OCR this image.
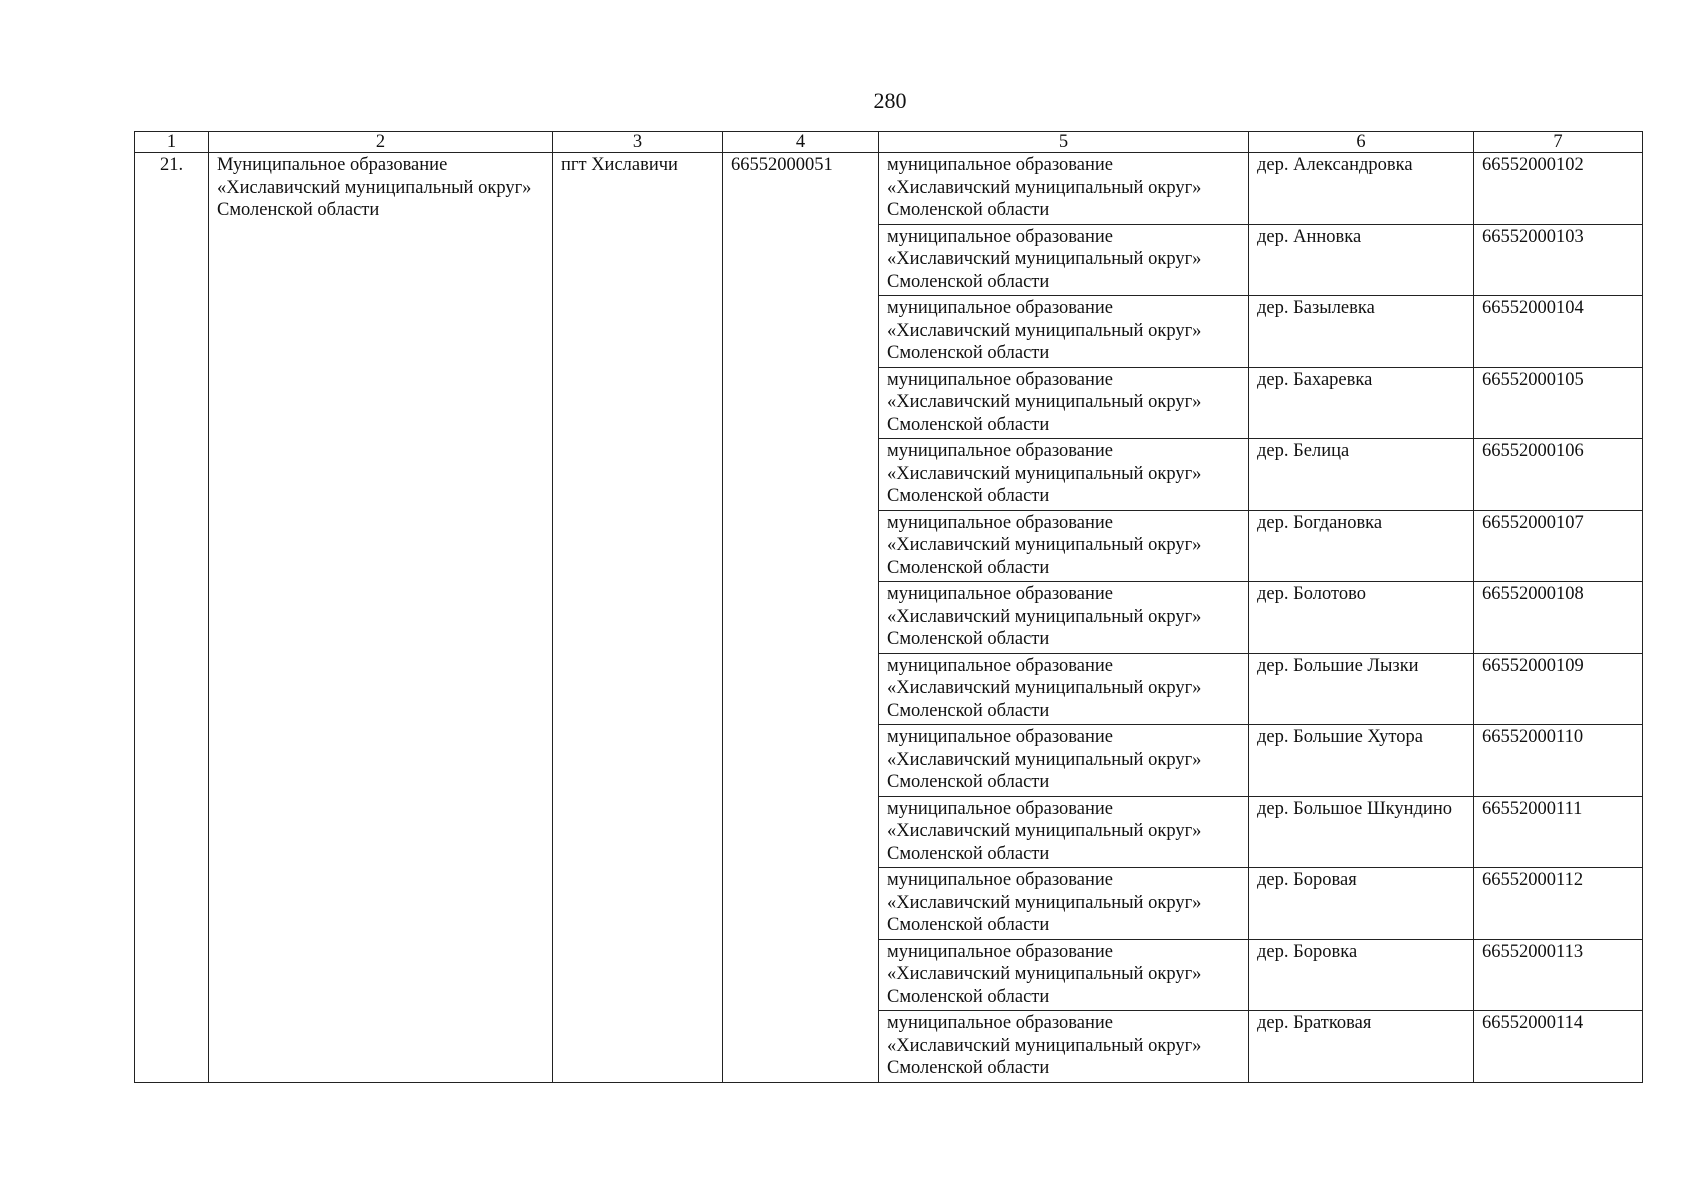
280
1	2	3	4	5	6	7
21.	Муниципальное образование «Хиславичский муниципальный округ» Смоленской области	пгт Хиславичи	66552000051	муниципальное образование «Хиславичский муниципальный округ» Смоленской области	дер. Александровка	66552000102
				муниципальное образование «Хиславичский муниципальный округ» Смоленской области	дер. Анновка	66552000103
				муниципальное образование «Хиславичский муниципальный округ» Смоленской области	дер. Базылевка	66552000104
				муниципальное образование «Хиславичский муниципальный округ» Смоленской области	дер. Бахаревка	66552000105
				муниципальное образование «Хиславичский муниципальный округ» Смоленской области	дер. Белица	66552000106
				муниципальное образование «Хиславичский муниципальный округ» Смоленской области	дер. Богдановка	66552000107
				муниципальное образование «Хиславичский муниципальный округ» Смоленской области	дер. Болотово	66552000108
				муниципальное образование «Хиславичский муниципальный округ» Смоленской области	дер. Большие Лызки	66552000109
				муниципальное образование «Хиславичский муниципальный округ» Смоленской области	дер. Большие Хутора	66552000110
				муниципальное образование «Хиславичский муниципальный округ» Смоленской области	дер. Большое Шкундино	66552000111
				муниципальное образование «Хиславичский муниципальный округ» Смоленской области	дер. Боровая	66552000112
				муниципальное образование «Хиславичский муниципальный округ» Смоленской области	дер. Боровка	66552000113
				муниципальное образование «Хиславичский муниципальный округ» Смоленской области	дер. Братковая	66552000114
